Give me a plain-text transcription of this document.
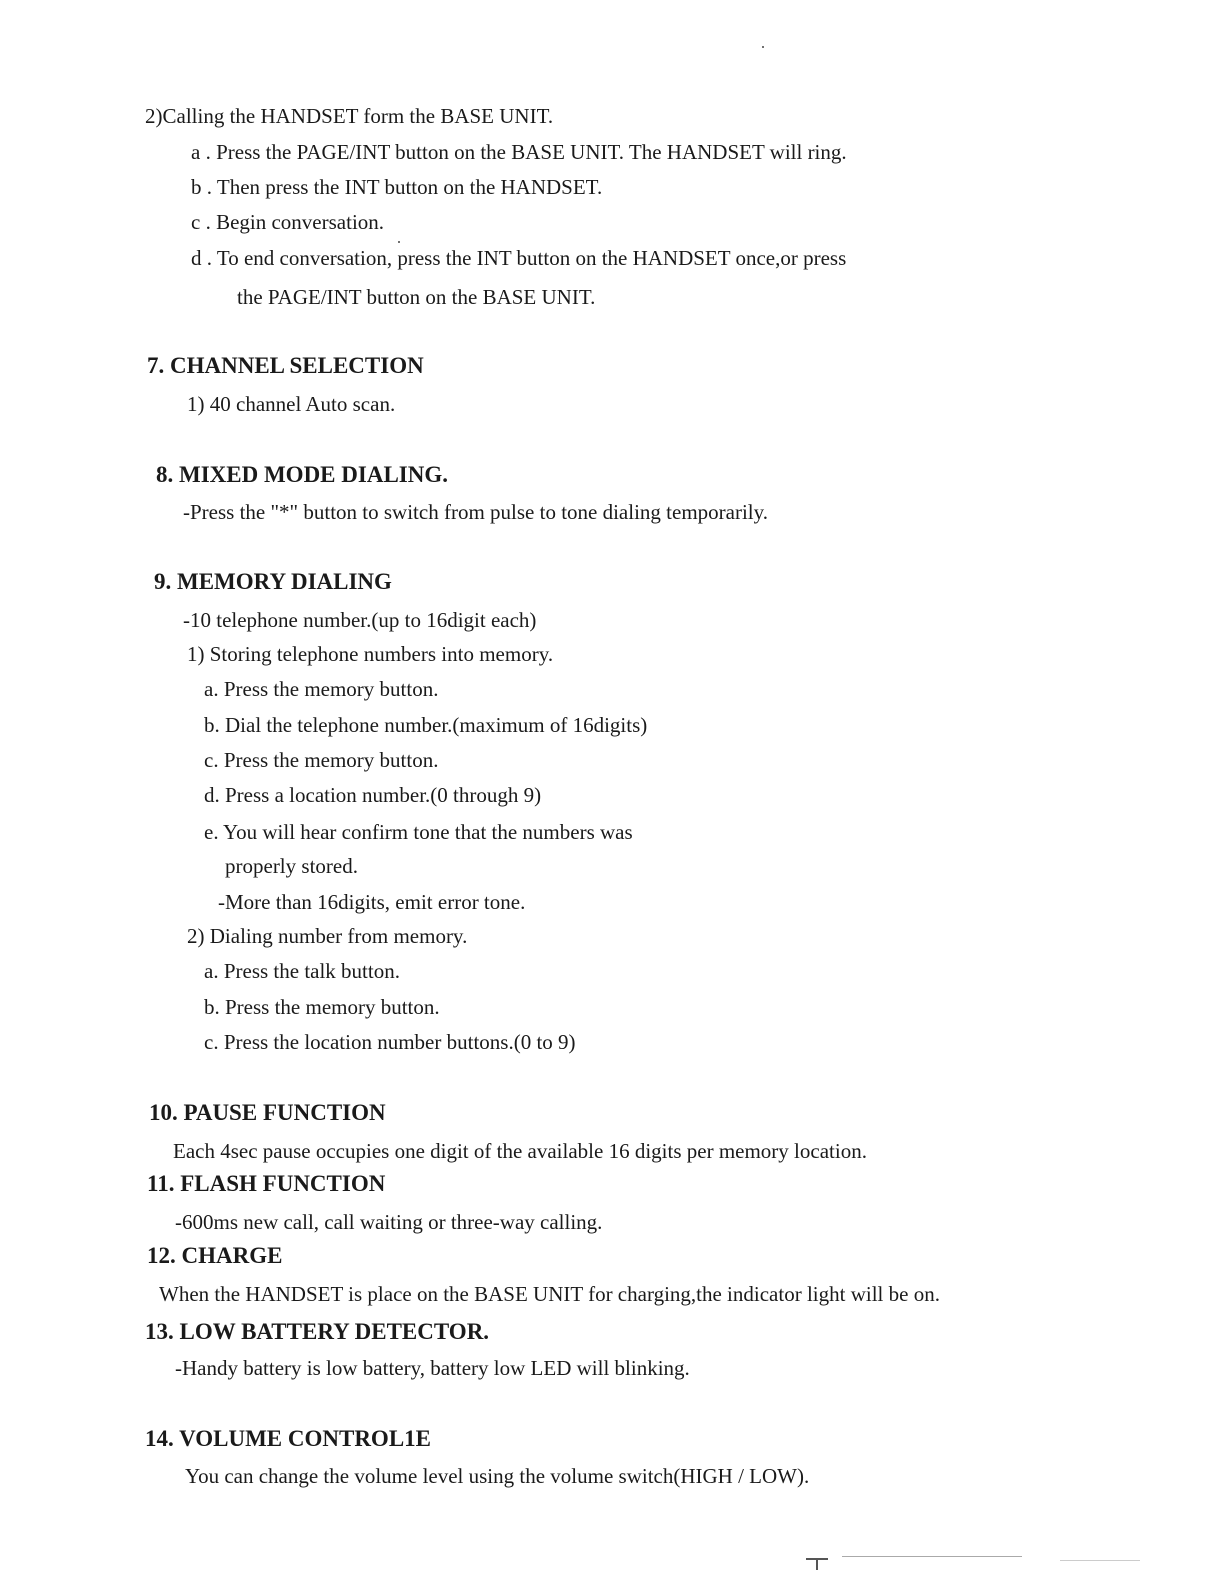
2)Calling the HANDSET form the BASE UNIT.
a . Press the PAGE/INT button on the BASE UNIT. The HANDSET will ring.
b . Then press the INT button on the HANDSET.
c . Begin conversation.
d . To end conversation, press the INT button on the HANDSET once,or press
the PAGE/INT button on the BASE UNIT.
7. CHANNEL SELECTION
1) 40 channel Auto scan.
8. MIXED MODE DIALING.
-Press the "*" button to switch from pulse to tone dialing temporarily.
9. MEMORY DIALING
-10 telephone number.(up to 16digit each)
1) Storing telephone numbers into memory.
a. Press the memory button.
b. Dial the telephone number.(maximum of 16digits)
c. Press the memory button.
d. Press a location number.(0 through 9)
e. You will hear confirm tone that the numbers was
properly stored.
-More than 16digits, emit error tone.
2) Dialing number from memory.
a. Press the talk button.
b. Press the memory button.
c. Press the location number buttons.(0 to 9)
10. PAUSE FUNCTION
Each 4sec pause occupies one digit of the available 16 digits per memory location.
11. FLASH FUNCTION
-600ms new call, call waiting or three-way calling.
12. CHARGE
When the HANDSET is place on the BASE UNIT for charging,the indicator light will be on.
13. LOW BATTERY DETECTOR.
-Handy battery is low battery, battery low LED will blinking.
14. VOLUME CONTROL1E
You can change the volume level using the volume switch(HIGH / LOW).
